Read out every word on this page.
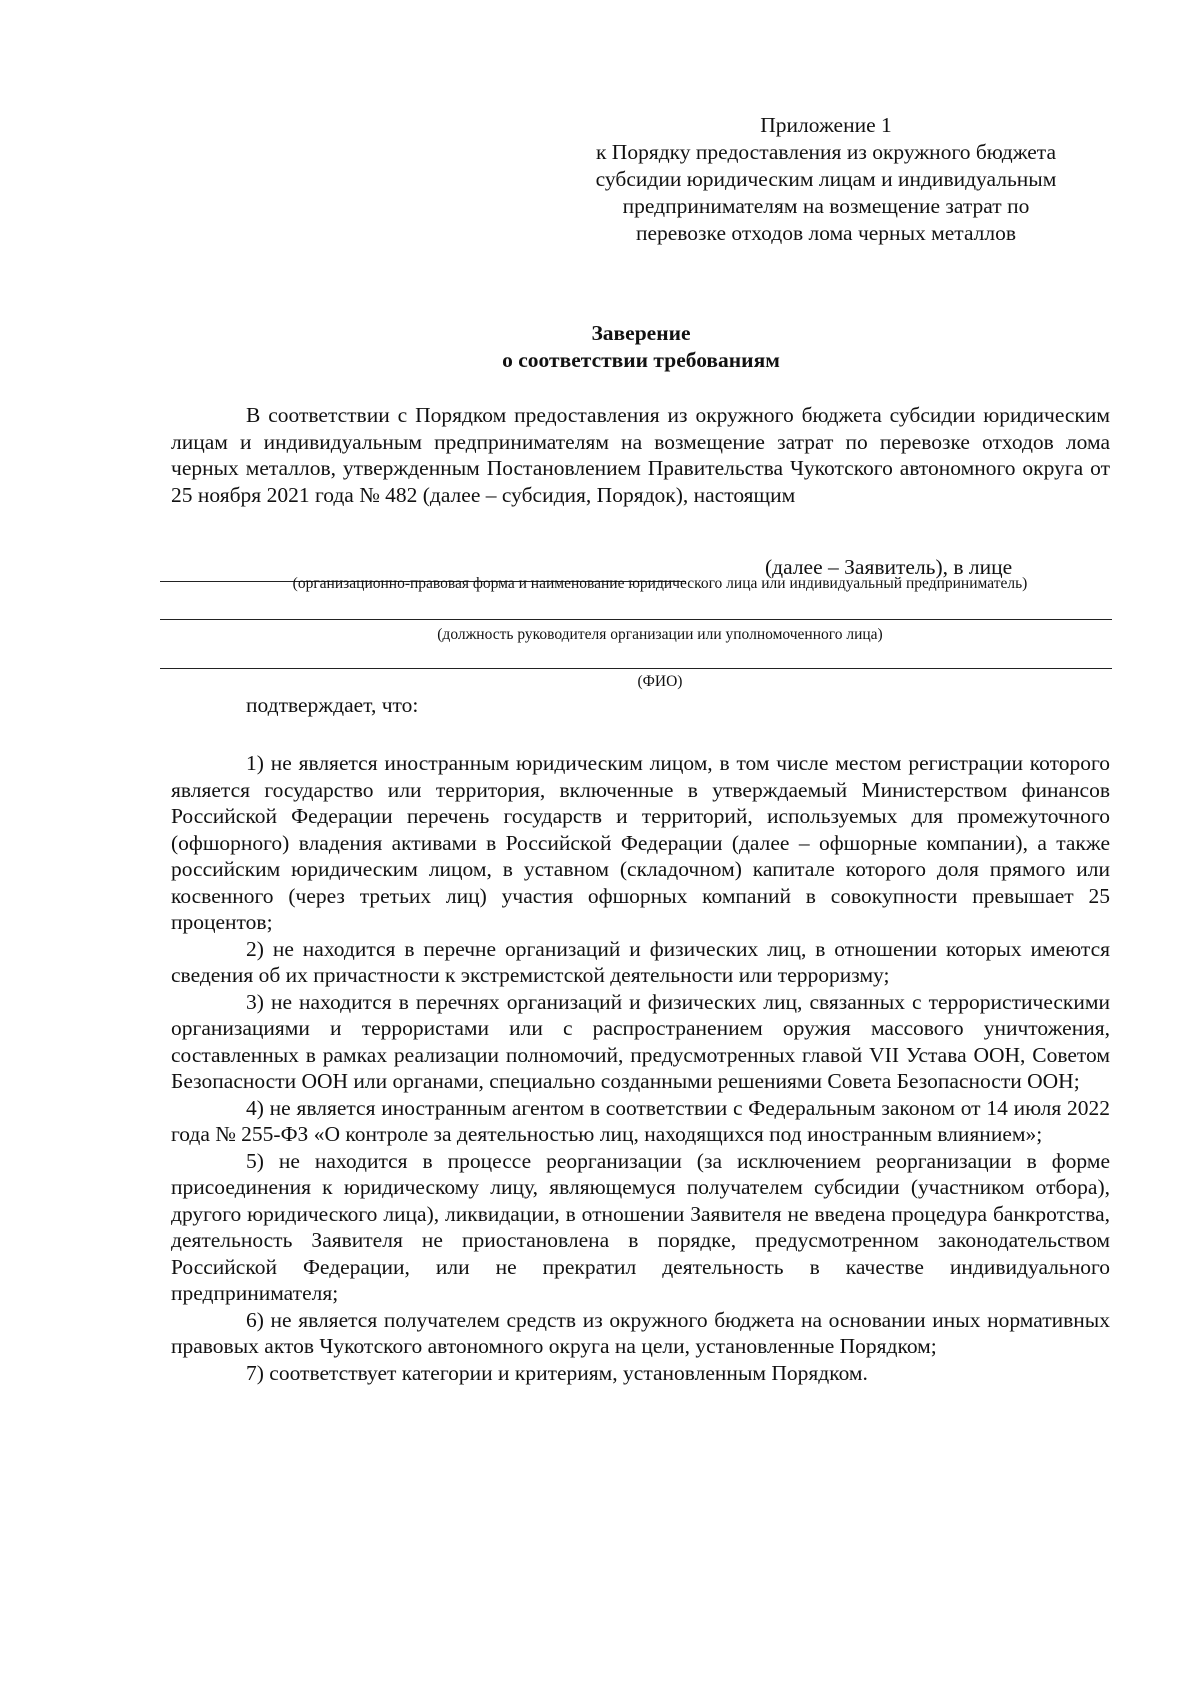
Приложение 1
к Порядку предоставления из окружного бюджета
субсидии юридическим лицам и индивидуальным
предпринимателям на возмещение затрат по
перевозке отходов лома черных металлов
Заверение
о соответствии требованиям

В соответствии с Порядком предоставления из окружного бюджета субсидии юридическим лицам и индивидуальным предпринимателям на возмещение затрат по перевозке отходов лома черных металлов, утвержденным Постановлением Правительства Чукотского автономного округа от 25 ноября 2021 года № 482 (далее – субсидия, Порядок), настоящим

(далее – Заявитель), в лице
(организационно-правовая форма и наименование юридического лица или индивидуальный предприниматель)
(должность руководителя организации или уполномоченного лица)
(ФИО)
подтверждает, что:

1) не является иностранным юридическим лицом, в том числе местом регистрации которого является государство или территория, включенные в утверждаемый Министерством финансов Российской Федерации перечень государств и территорий, используемых для промежуточного (офшорного) владения активами в Российской Федерации (далее – офшорные компании), а также российским юридическим лицом, в уставном (складочном) капитале которого доля прямого или косвенного (через третьих лиц) участия офшорных компаний в совокупности превышает 25 процентов;

2) не находится в перечне организаций и физических лиц, в отношении которых имеются сведения об их причастности к экстремистской деятельности или терроризму;

3) не находится в перечнях организаций и физических лиц, связанных с террористическими организациями и террористами или с распространением оружия массового уничтожения, составленных в рамках реализации полномочий, предусмотренных главой VII Устава ООН, Советом Безопасности ООН или органами, специально созданными решениями Совета Безопасности ООН;

4) не является иностранным агентом в соответствии с Федеральным законом от 14 июля 2022 года № 255-ФЗ «О контроле за деятельностью лиц, находящихся под иностранным влиянием»;

5) не находится в процессе реорганизации (за исключением реорганизации в форме присоединения к юридическому лицу, являющемуся получателем субсидии (участником отбора), другого юридического лица), ликвидации, в отношении Заявителя не введена процедура банкротства, деятельность Заявителя не приостановлена в порядке, предусмотренном законодательством Российской Федерации, или не прекратил деятельность в качестве индивидуального предпринимателя;

6) не является получателем средств из окружного бюджета на основании иных нормативных правовых актов Чукотского автономного округа на цели, установленные Порядком;

7) соответствует категории и критериям, установленным Порядком.
